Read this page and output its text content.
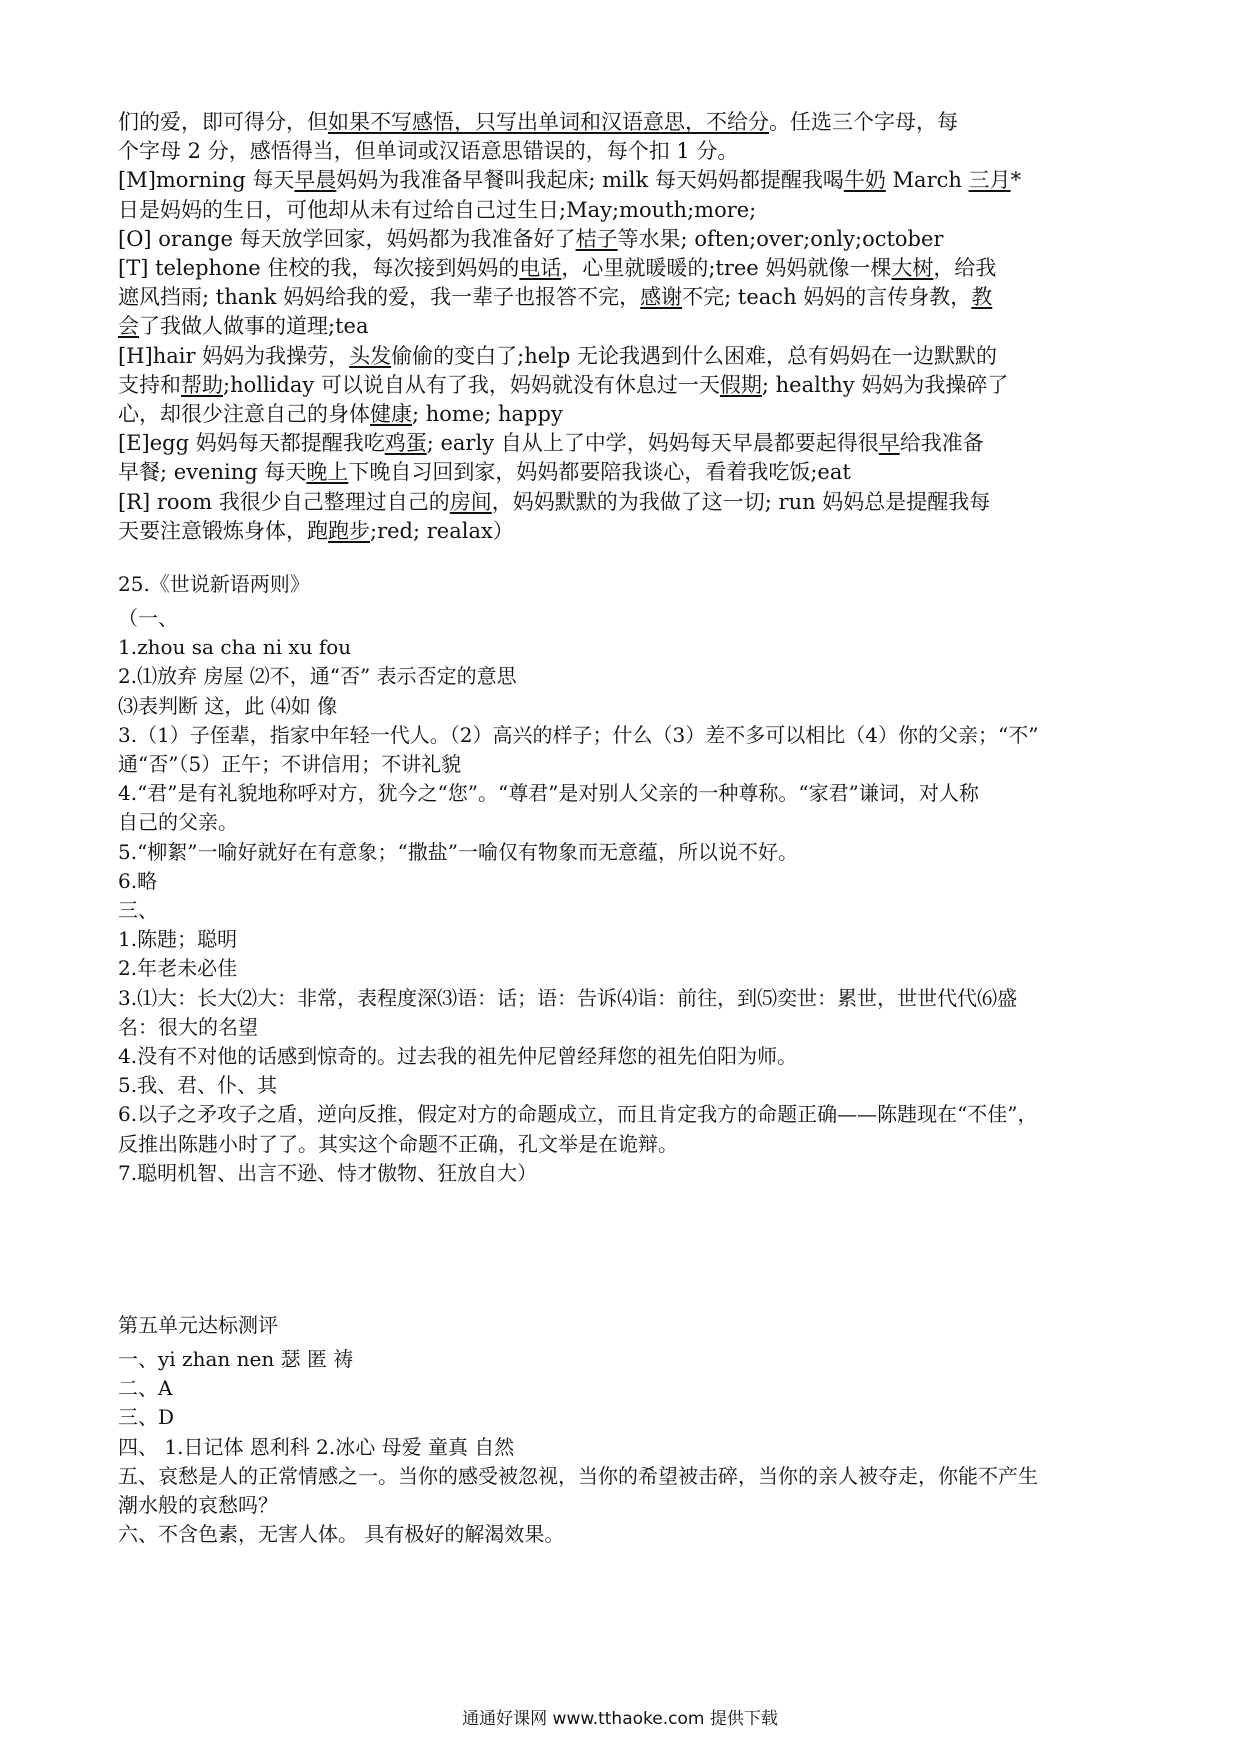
们的爱，即可得分，但如果不写感悟，只写出单词和汉语意思，不给分。任选三个字母，每
个字母 2 分，感悟得当，但单词或汉语意思错误的，每个扣 1 分。
[M]morning 每天早晨妈妈为我准备早餐叫我起床; milk 每天妈妈都提醒我喝牛奶 March 三月*
日是妈妈的生日，可他却从未有过给自己过生日;May;mouth;more;
[O] orange 每天放学回家，妈妈都为我准备好了桔子等水果; often;over;only;october
[T] telephone 住校的我，每次接到妈妈的电话，心里就暖暖的;tree 妈妈就像一棵大树，给我
遮风挡雨; thank 妈妈给我的爱，我一辈子也报答不完，感谢不完; teach 妈妈的言传身教，教
会了我做人做事的道理;tea
[H]hair 妈妈为我操劳，头发偷偷的变白了;help 无论我遇到什么困难，总有妈妈在一边默默的
支持和帮助;holliday 可以说自从有了我，妈妈就没有休息过一天假期; healthy 妈妈为我操碎了
心，却很少注意自己的身体健康; home; happy
[E]egg 妈妈每天都提醒我吃鸡蛋; early 自从上了中学，妈妈每天早晨都要起得很早给我准备
早餐; evening 每天晚上下晚自习回到家，妈妈都要陪我谈心，看着我吃饭;eat
[R] room 我很少自己整理过自己的房间，妈妈默默的为我做了这一切; run 妈妈总是提醒我每
天要注意锻炼身体，跑跑步;red; realax）
25.《世说新语两则》
（一、
1.zhou sa cha ni xu fou
2.⑴放弃 房屋 ⑵不，通“否” 表示否定的意思
⑶表判断 这，此 ⑷如 像
3.（1）子侄辈，指家中年轻一代人。（2）高兴的样子；什么（3）差不多可以相比（4）你的父亲；“不”
通“否”（5）正午；不讲信用；不讲礼貌
4.“君”是有礼貌地称呼对方，犹今之“您”。“尊君”是对别人父亲的一种尊称。“家君”谦词，对人称
自己的父亲。
5.“柳絮”一喻好就好在有意象；“撒盐”一喻仅有物象而无意蕴，所以说不好。
6.略
三、
1.陈韪；聪明
2.年老未必佳
3.⑴大：长大⑵大：非常，表程度深⑶语：话；语：告诉⑷诣：前往，到⑸奕世：累世，世世代代⑹盛
名：很大的名望
4.没有不对他的话感到惊奇的。过去我的祖先仲尼曾经拜您的祖先伯阳为师。
5.我、君、仆、其
6.以子之矛攻子之盾，逆向反推，假定对方的命题成立，而且肯定我方的命题正确——陈韪现在“不佳”，
反推出陈韪小时了了。其实这个命题不正确，孔文举是在诡辩。
7.聪明机智、出言不逊、恃才傲物、狂放自大）
第五单元达标测评
一、yi zhan nen 瑟 匿 祷
二、A
三、D
四、 1.日记体 恩利科 2.冰心 母爱 童真 自然
五、哀愁是人的正常情感之一。当你的感受被忽视，当你的希望被击碎，当你的亲人被夺走，你能不产生
潮水般的哀愁吗？
六、不含色素，无害人体。 具有极好的解渴效果。
通通好课网 www.tthaoke.com 提供下载
